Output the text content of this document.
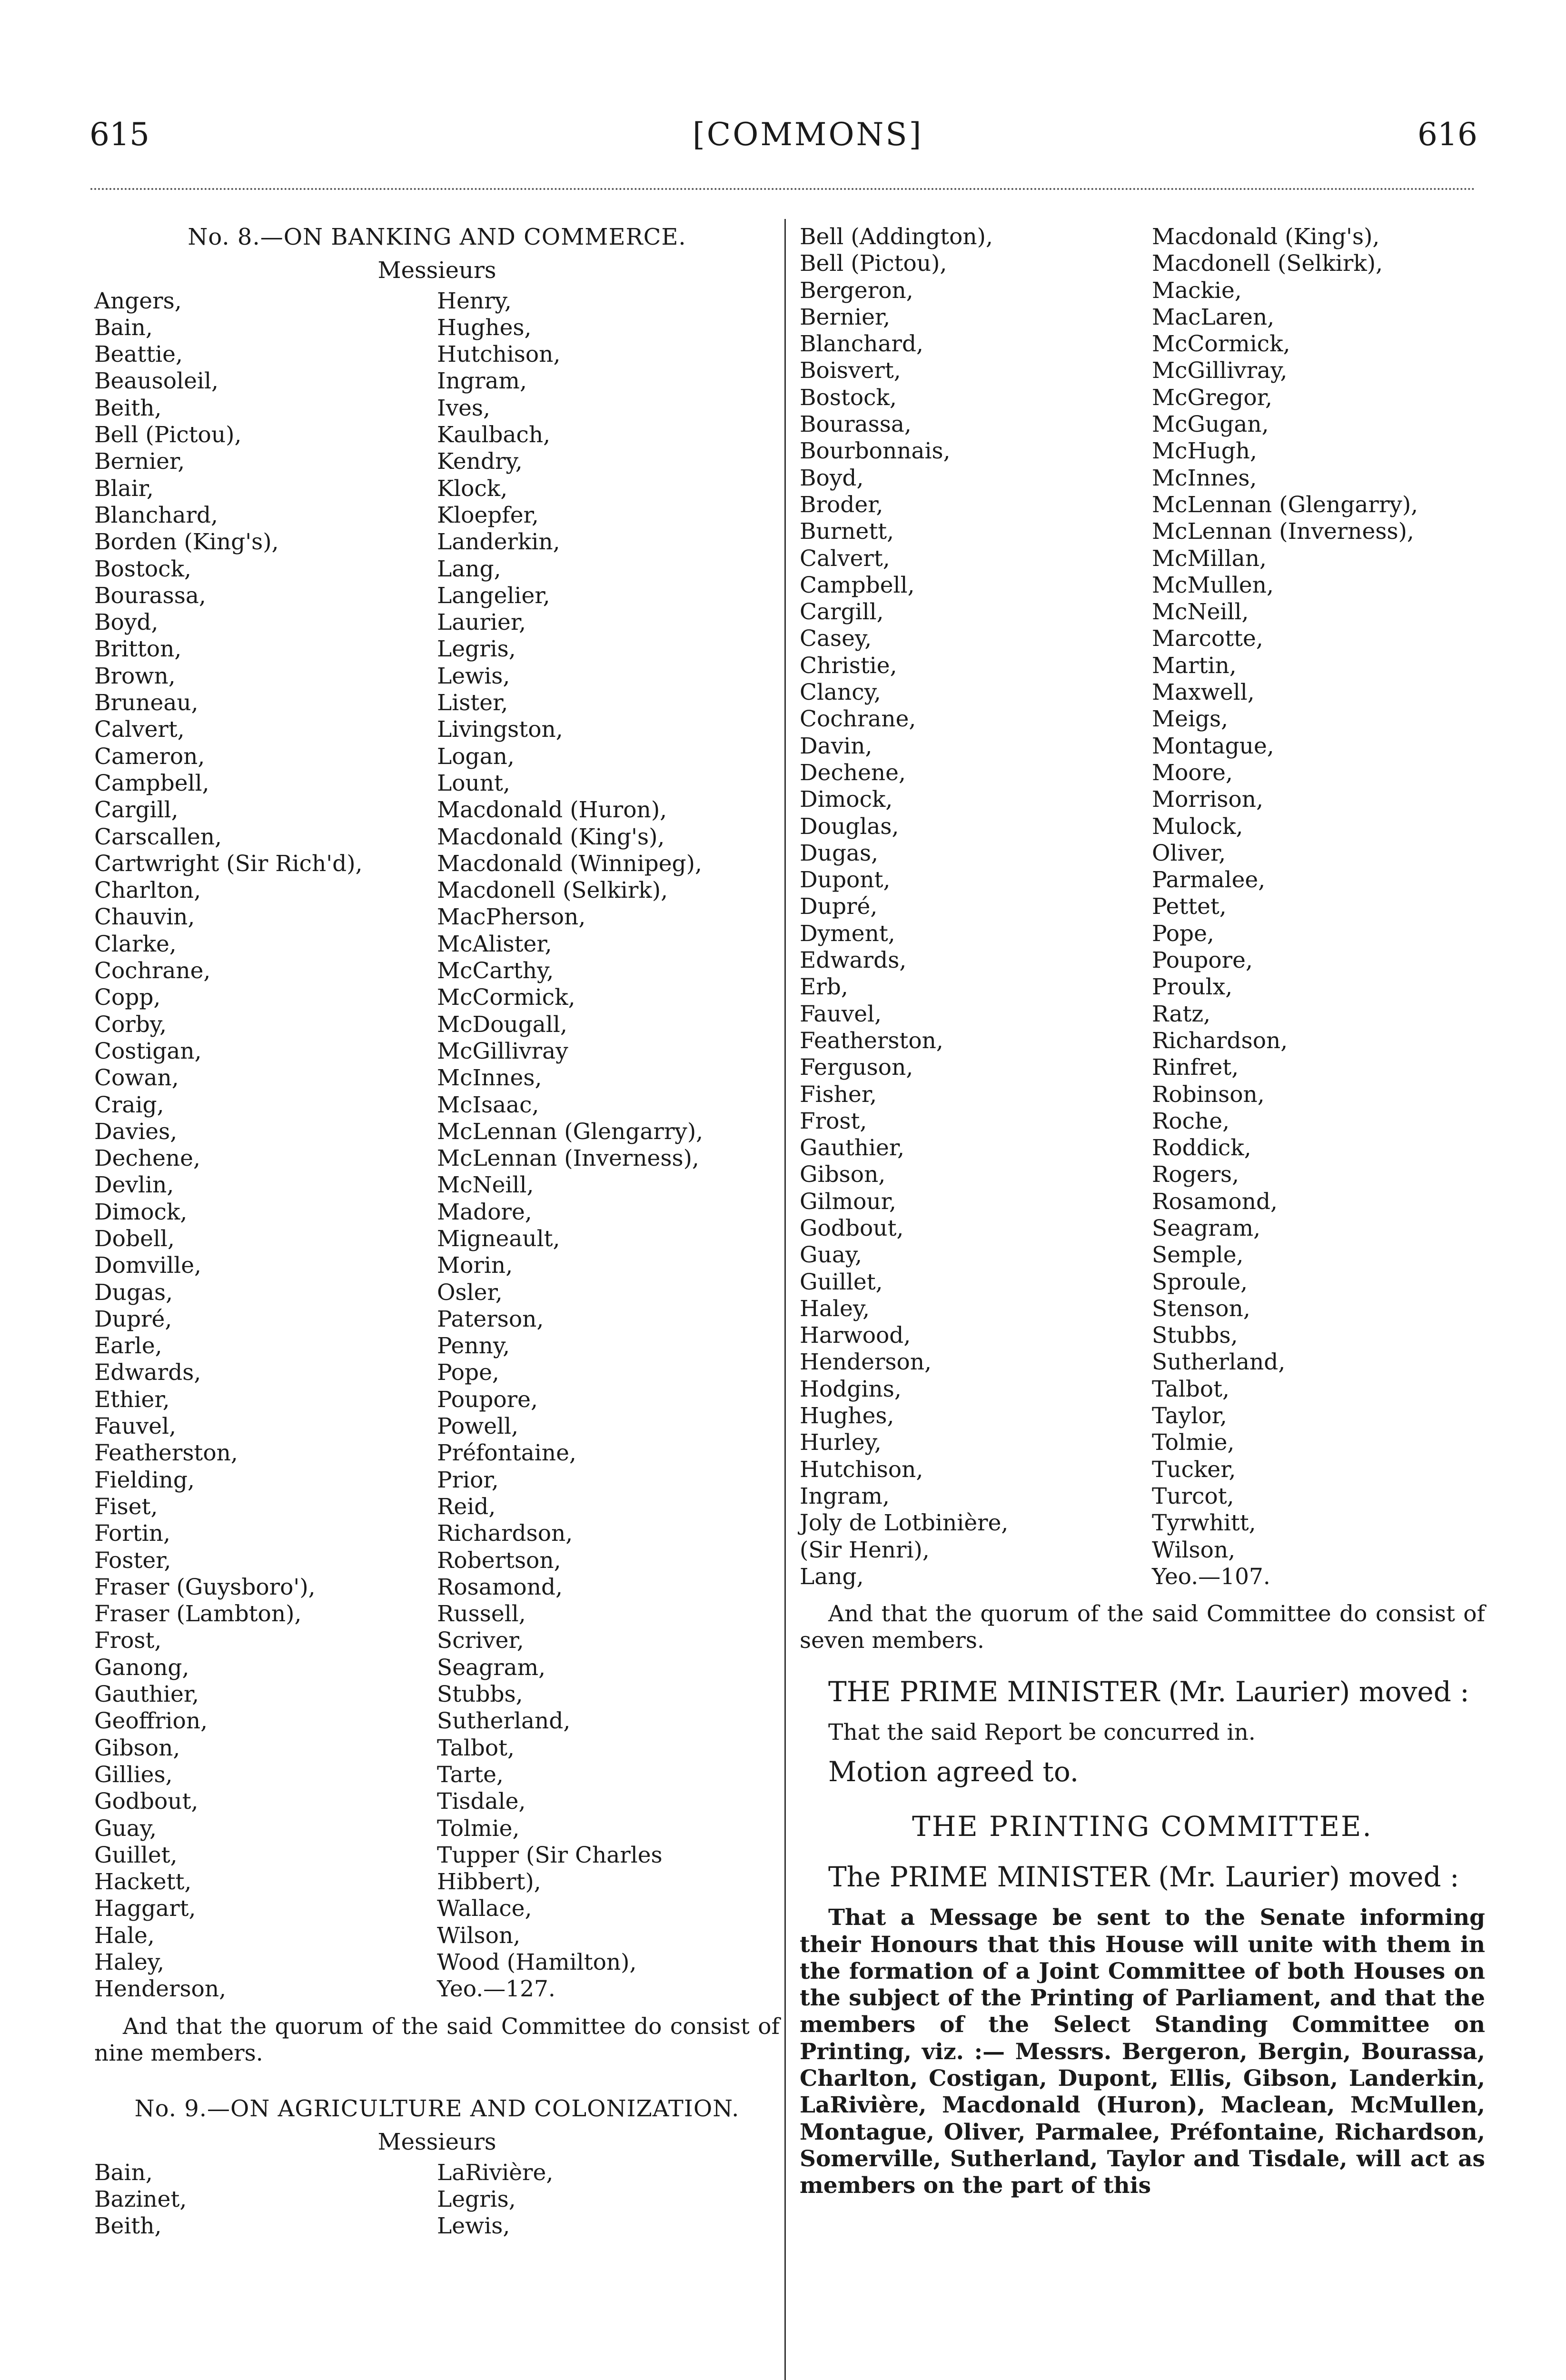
615	[COMMONS]	616
No. 8.—ON BANKING AND COMMERCE.
Messieurs
Angers,
Bain,
Beattie,
Beausoleil,
Beith,
Bell (Pictou),
Bernier,
Blair,
Blanchard,
Borden (King's),
Bostock,
Bourassa,
Boyd,
Britton,
Brown,
Bruneau,
Calvert,
Cameron,
Campbell,
Cargill,
Carscallen,
Cartwright (Sir Rich'd),
Charlton,
Chauvin,
Clarke,
Cochrane,
Copp,
Corby,
Costigan,
Cowan,
Craig,
Davies,
Dechene,
Devlin,
Dimock,
Dobell,
Domville,
Dugas,
Dupré,
Earle,
Edwards,
Ethier,
Fauvel,
Featherston,
Fielding,
Fiset,
Fortin,
Foster,
Fraser (Guysboro'),
Fraser (Lambton),
Frost,
Ganong,
Gauthier,
Geoffrion,
Gibson,
Gillies,
Godbout,
Guay,
Guillet,
Hackett,
Haggart,
Hale,
Haley,
Henderson,
Henry,
Hughes,
Hutchison,
Ingram,
Ives,
Kaulbach,
Kendry,
Klock,
Kloepfer,
Landerkin,
Lang,
Langelier,
Laurier,
Legris,
Lewis,
Lister,
Livingston,
Logan,
Lount,
Macdonald (Huron),
Macdonald (King's),
Macdonald (Winnipeg),
Macdonell (Selkirk),
MacPherson,
McAlister,
McCarthy,
McCormick,
McDougall,
McGillivray
McInnes,
McIsaac,
McLennan (Glengarry),
McLennan (Inverness),
McNeill,
Madore,
Migneault,
Morin,
Osler,
Paterson,
Penny,
Pope,
Poupore,
Powell,
Préfontaine,
Prior,
Reid,
Richardson,
Robertson,
Rosamond,
Russell,
Scriver,
Seagram,
Stubbs,
Sutherland,
Talbot,
Tarte,
Tisdale,
Tolmie,
Tupper (Sir Charles
Hibbert),
Wallace,
Wilson,
Wood (Hamilton),
Yeo.—127.
And that the quorum of the said Committee do consist of nine members.
No. 9.—ON AGRICULTURE AND COLONIZATION.
Messieurs
Bain,
Bazinet,
Beith,
LaRivière,
Legris,
Lewis,
Bell (Addington),
Bell (Pictou),
Bergeron,
Bernier,
Blanchard,
Boisvert,
Bostock,
Bourassa,
Bourbonnais,
Boyd,
Broder,
Burnett,
Calvert,
Campbell,
Cargill,
Casey,
Christie,
Clancy,
Cochrane,
Davin,
Dechene,
Dimock,
Douglas,
Dugas,
Dupont,
Dupré,
Dyment,
Edwards,
Erb,
Fauvel,
Featherston,
Ferguson,
Fisher,
Frost,
Gauthier,
Gibson,
Gilmour,
Godbout,
Guay,
Guillet,
Haley,
Harwood,
Henderson,
Hodgins,
Hughes,
Hurley,
Hutchison,
Ingram,
Joly de Lotbinière,
(Sir Henri),
Lang,
Macdonald (King's),
Macdonell (Selkirk),
Mackie,
MacLaren,
McCormick,
McGillivray,
McGregor,
McGugan,
McHugh,
McInnes,
McLennan (Glengarry),
McLennan (Inverness),
McMillan,
McMullen,
McNeill,
Marcotte,
Martin,
Maxwell,
Meigs,
Montague,
Moore,
Morrison,
Mulock,
Oliver,
Parmalee,
Pettet,
Pope,
Poupore,
Proulx,
Ratz,
Richardson,
Rinfret,
Robinson,
Roche,
Roddick,
Rogers,
Rosamond,
Seagram,
Semple,
Sproule,
Stenson,
Stubbs,
Sutherland,
Talbot,
Taylor,
Tolmie,
Tucker,
Turcot,
Tyrwhitt,
Wilson,
Yeo.—107.
And that the quorum of the said Committee do consist of seven members.
THE PRIME MINISTER (Mr. Laurier) moved :
That the said Report be concurred in.
Motion agreed to.
THE PRINTING COMMITTEE.
The PRIME MINISTER (Mr. Laurier) moved :
That a Message be sent to the Senate informing their Honours that this House will unite with them in the formation of a Joint Committee of both Houses on the subject of the Printing of Parliament, and that the members of the Select Standing Committee on Printing, viz. :— Messrs. Bergeron, Bergin, Bourassa, Charlton, Costigan, Dupont, Ellis, Gibson, Landerkin, LaRivière, Macdonald (Huron), Maclean, McMullen, Montague, Oliver, Parmalee, Préfontaine, Richardson, Somerville, Sutherland, Taylor and Tisdale, will act as members on the part of this
